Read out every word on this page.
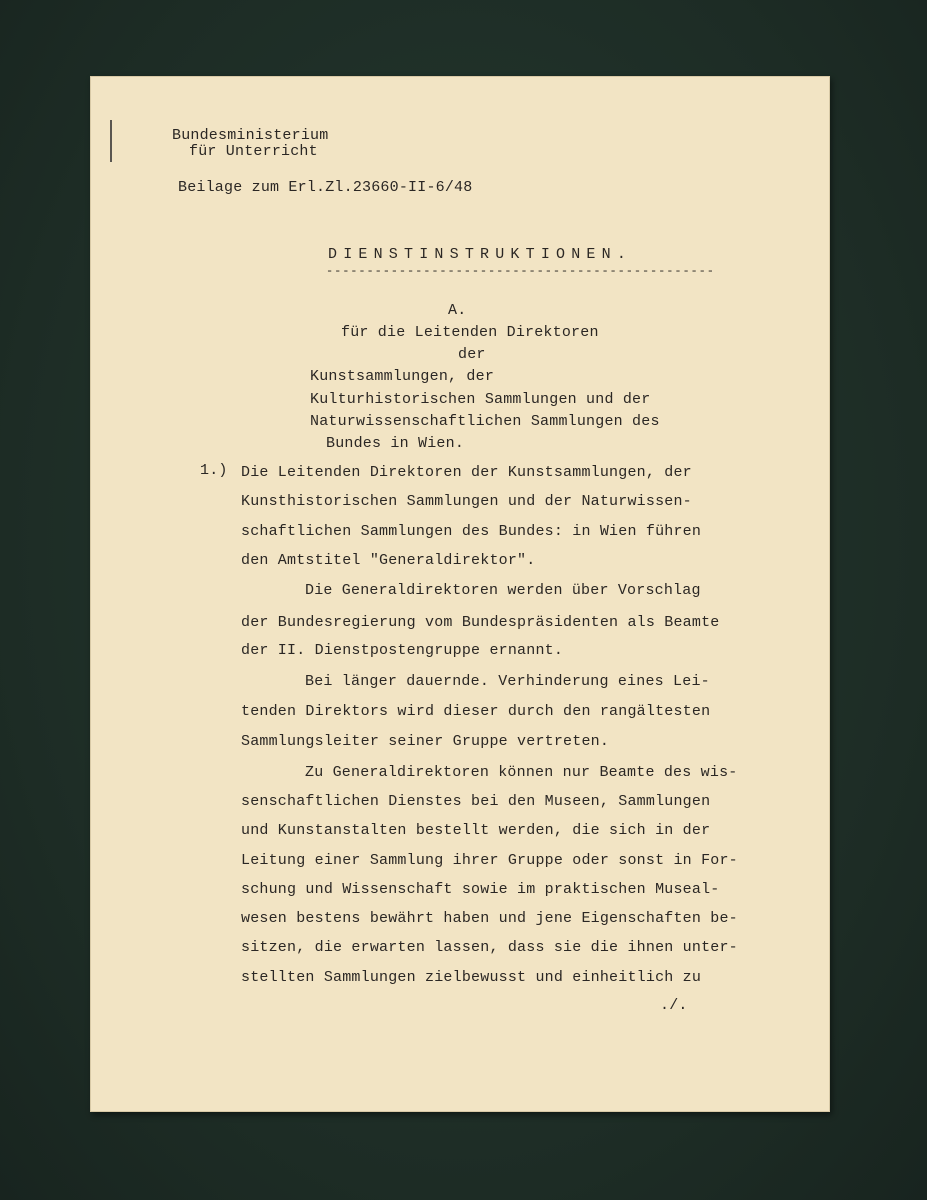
Bundesministerium
für Unterricht
Beilage zum Erl.Zl.23660-II-6/48
DIENSTINSTRUKTIONEN.
------------------------------------------------
A.
für die Leitenden Direktoren
der
Kunstsammlungen, der
Kulturhistorischen Sammlungen und der
Naturwissenschaftlichen Sammlungen des
Bundes in Wien.
1.) Die Leitenden Direktoren der Kunstsammlungen, der
Kunsthistorischen Sammlungen und der Naturwissen-
schaftlichen Sammlungen des Bundes: in Wien führen
den Amtstitel "Generaldirektor".
Die Generaldirektoren werden über Vorschlag
der Bundesregierung vom Bundespräsidenten als Beamte
der II. Dienstpostengruppe ernannt.
Bei länger dauernde. Verhinderung eines Lei-
tenden Direktors wird dieser durch den rangältesten
Sammlungsleiter seiner Gruppe vertreten.
Zu Generaldirektoren können nur Beamte des wis-
senschaftlichen Dienstes bei den Museen, Sammlungen
und Kunstanstalten bestellt werden, die sich in der
Leitung einer Sammlung ihrer Gruppe oder sonst in For-
schung und Wissenschaft sowie im praktischen Museal-
wesen bestens bewährt haben und jene Eigenschaften be-
sitzen, die erwarten lassen, dass sie die ihnen unter-
stellten Sammlungen zielbewusst und einheitlich zu
./.
